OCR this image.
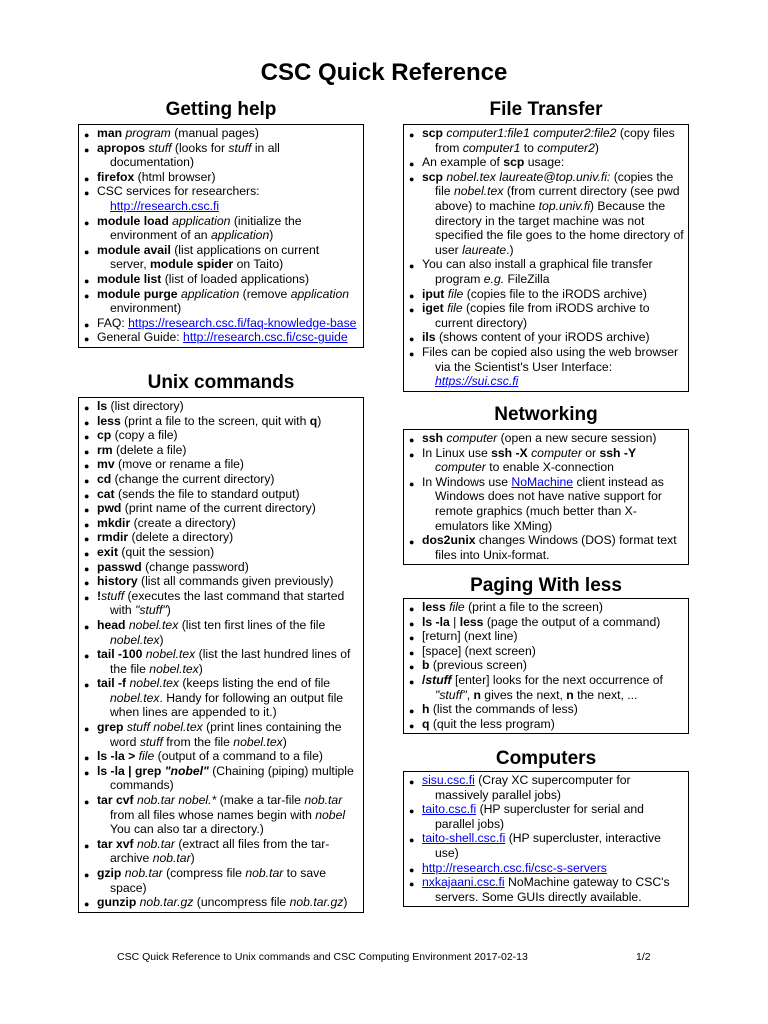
CSC Quick Reference
Getting help
● man program (manual pages)
● apropos stuff (looks for stuff in all documentation)
● firefox (html browser)
● CSC services for researchers: http://research.csc.fi
● module load application (initialize the environment of an application)
● module avail (list applications on current server, module spider on Taito)
● module list (list of loaded applications)
● module purge application (remove application environment)
● FAQ: https://research.csc.fi/faq-knowledge-base
● General Guide: http://research.csc.fi/csc-guide
Unix commands
● ls (list directory)
● less (print a file to the screen, quit with q)
● cp (copy a file)
● rm (delete a file)
● mv (move or rename a file)
● cd (change the current directory)
● cat (sends the file to standard output)
● pwd (print name of the current directory)
● mkdir (create a directory)
● rmdir (delete a directory)
● exit (quit the session)
● passwd (change password)
● history (list all commands given previously)
● !stuff (executes the last command that started with "stuff")
● head nobel.tex (list ten first lines of the file nobel.tex)
● tail -100 nobel.tex (list the last hundred lines of the file nobel.tex)
● tail -f nobel.tex (keeps listing the end of file nobel.tex. Handy for following an output file when lines are appended to it.)
● grep stuff nobel.tex (print lines containing the word stuff from the file nobel.tex)
● ls -la > file (output of a command to a file)
● ls -la | grep "nobel" (Chaining (piping) multiple commands)
● tar cvf nob.tar nobel.* (make a tar-file nob.tar from all files whose names begin with nobel You can also tar a directory.)
● tar xvf nob.tar (extract all files from the tar-archive nob.tar)
● gzip nob.tar (compress file nob.tar to save space)
● gunzip nob.tar.gz (uncompress file nob.tar.gz)
File Transfer
● scp computer1:file1 computer2:file2 (copy files from computer1 to computer2)
● An example of scp usage:
● scp nobel.tex laureate@top.univ.fi: (copies the file nobel.tex (from current directory (see pwd above) to machine top.univ.fi) Because the directory in the target machine was not specified the file goes to the home directory of user laureate.)
● You can also install a graphical file transfer program e.g. FileZilla
● iput file (copies file to the iRODS archive)
● iget file (copies file from iRODS archive to current directory)
● ils (shows content of your iRODS archive)
● Files can be copied also using the web browser via the Scientist's User Interface: https://sui.csc.fi
Networking
● ssh computer (open a new secure session)
● In Linux use ssh -X computer or ssh -Y computer to enable X-connection
● In Windows use NoMachine client instead as Windows does not have native support for remote graphics (much better than X-emulators like XMing)
● dos2unix changes Windows (DOS) format text files into Unix-format.
Paging With less
● less file (print a file to the screen)
● ls -la | less (page the output of a command)
● [return] (next line)
● [space] (next screen)
● b (previous screen)
● /stuff [enter] looks for the next occurrence of "stuff", n gives the next, n the next, ...
● h (list the commands of less)
● q (quit the less program)
Computers
● sisu.csc.fi (Cray XC supercomputer for massively parallel jobs)
● taito.csc.fi (HP supercluster for serial and parallel jobs)
● taito-shell.csc.fi (HP supercluster, interactive use)
● http://research.csc.fi/csc-s-servers
● nxkajaani.csc.fi NoMachine gateway to CSC's servers. Some GUIs directly available.
CSC Quick Reference to Unix commands and CSC Computing Environment 2017-02-13	1/2
